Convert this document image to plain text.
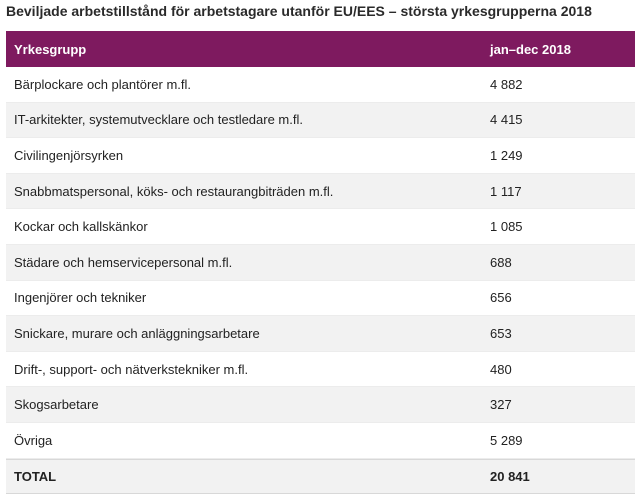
Beviljade arbetstillstånd för arbetstagare utanför EU/EES – största yrkesgrupperna 2018
Yrkesgrupp	jan–dec 2018
Bärplockare och plantörer m.fl.	4 882
IT-arkitekter, systemutvecklare och testledare m.fl.	4 415
Civilingenjörsyrken	1 249
Snabbmatspersonal, köks- och restaurangbiträden m.fl.	1 117
Kockar och kallskänkor	1 085
Städare och hemservicepersonal m.fl.	688
Ingenjörer och tekniker	656
Snickare, murare och anläggningsarbetare	653
Drift-, support- och nätverkstekniker m.fl.	480
Skogsarbetare	327
Övriga	5 289
TOTAL	20 841
